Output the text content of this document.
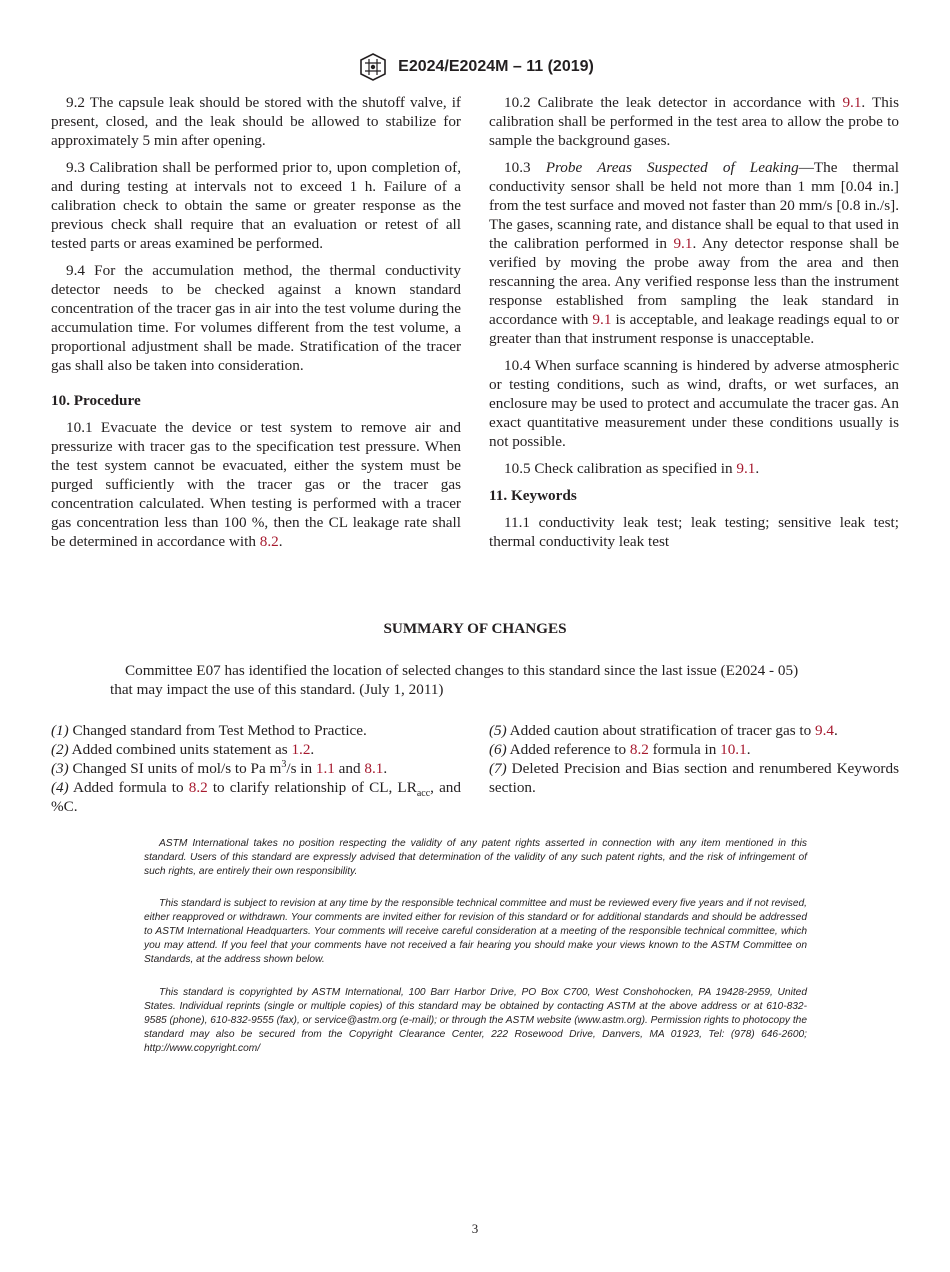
E2024/E2024M – 11 (2019)

9.2 The capsule leak should be stored with the shutoff valve, if present, closed, and the leak should be allowed to stabilize for approximately 5 min after opening.

9.3 Calibration shall be performed prior to, upon completion of, and during testing at intervals not to exceed 1 h. Failure of a calibration check to obtain the same or greater response as the previous check shall require that an evaluation or retest of all tested parts or areas examined be performed.

9.4 For the accumulation method, the thermal conductivity detector needs to be checked against a known standard concentration of the tracer gas in air into the test volume during the accumulation time. For volumes different from the test volume, a proportional adjustment shall be made. Stratification of the tracer gas shall also be taken into consideration.

10. Procedure

10.1 Evacuate the device or test system to remove air and pressurize with tracer gas to the specification test pressure. When the test system cannot be evacuated, either the system must be purged sufficiently with the tracer gas or the tracer gas concentration calculated. When testing is performed with a tracer gas concentration less than 100 %, then the CL leakage rate shall be determined in accordance with 8.2.

10.2 Calibrate the leak detector in accordance with 9.1. This calibration shall be performed in the test area to allow the probe to sample the background gases.

10.3 Probe Areas Suspected of Leaking—The thermal conductivity sensor shall be held not more than 1 mm [0.04 in.] from the test surface and moved not faster than 20 mm/s [0.8 in./s]. The gases, scanning rate, and distance shall be equal to that used in the calibration performed in 9.1. Any detector response shall be verified by moving the probe away from the area and then rescanning the area. Any verified response less than the instrument response established from sampling the leak standard in accordance with 9.1 is acceptable, and leakage readings equal to or greater than that instrument response is unacceptable.

10.4 When surface scanning is hindered by adverse atmospheric or testing conditions, such as wind, drafts, or wet surfaces, an enclosure may be used to protect and accumulate the tracer gas. An exact quantitative measurement under these conditions usually is not possible.

10.5 Check calibration as specified in 9.1.

11. Keywords

11.1 conductivity leak test; leak testing; sensitive leak test; thermal conductivity leak test

SUMMARY OF CHANGES
Committee E07 has identified the location of selected changes to this standard since the last issue (E2024 - 05)
that may impact the use of this standard. (July 1, 2011)

(1) Changed standard from Test Method to Practice.

(2) Added combined units statement as 1.2.

(3) Changed SI units of mol/s to Pa $m^3/s$ in 1.1 and 8.1.

(4) Added formula to 8.2 to clarify relationship of CL, $LR_{acc}$, and %C.

(5) Added caution about stratification of tracer gas to 9.4.

(6) Added reference to 8.2 formula in 10.1.

(7) Deleted Precision and Bias section and renumbered Keywords section.

ASTM International takes no position respecting the validity of any patent rights asserted in connection with any item mentioned in this standard. Users of this standard are expressly advised that determination of the validity of any such patent rights, and the risk of infringement of such rights, are entirely their own responsibility.

This standard is subject to revision at any time by the responsible technical committee and must be reviewed every five years and if not revised, either reapproved or withdrawn. Your comments are invited either for revision of this standard or for additional standards and should be addressed to ASTM International Headquarters. Your comments will receive careful consideration at a meeting of the responsible technical committee, which you may attend. If you feel that your comments have not received a fair hearing you should make your views known to the ASTM Committee on Standards, at the address shown below.

This standard is copyrighted by ASTM International, 100 Barr Harbor Drive, PO Box C700, West Conshohocken, PA 19428-2959, United States. Individual reprints (single or multiple copies) of this standard may be obtained by contacting ASTM at the above address or at 610-832-9585 (phone), 610-832-9555 (fax), or service@astm.org (e-mail); or through the ASTM website (www.astm.org). Permission rights to photocopy the standard may also be secured from the Copyright Clearance Center, 222 Rosewood Drive, Danvers, MA 01923, Tel: (978) 646-2600; http://www.copyright.com/

3
